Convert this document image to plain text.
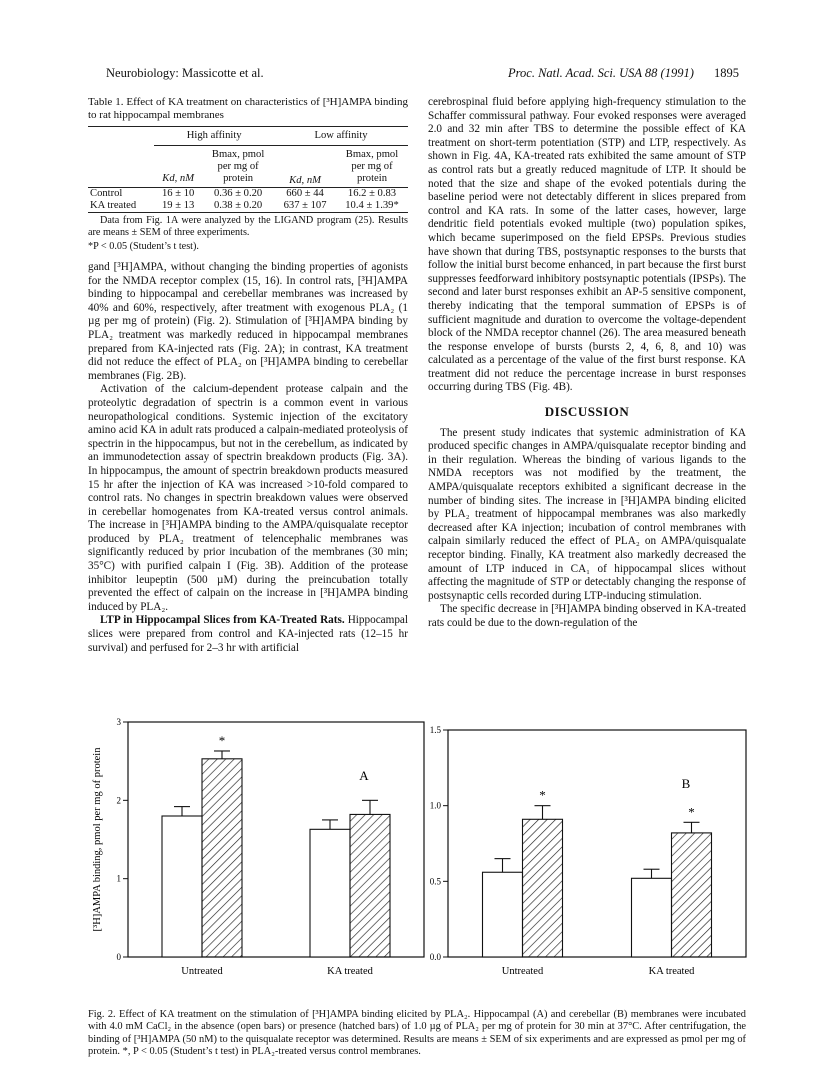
Neurobiology: Massicotte et al.	Proc. Natl. Acad. Sci. USA 88 (1991) 1895

Table 1. Effect of KA treatment on characteristics of [³H]AMPA binding to rat hippocampal membranes

	High affinity		Low affinity	
	Kd, nM	Bmax, pmol per mg of protein	Kd, nM	Bmax, pmol per mg of protein
Control	16 ± 10	0.36 ± 0.20	660 ± 44	16.2 ± 0.83
KA treated	19 ± 13	0.38 ± 0.20	637 ± 107	10.4 ± 1.39*

Data from Fig. 1A were analyzed by the LIGAND program (25). Results are means ± SEM of three experiments.

*P < 0.05 (Student’s t test).

gand [³H]AMPA, without changing the binding properties of agonists for the NMDA receptor complex (15, 16). In control rats, [³H]AMPA binding to hippocampal and cerebellar membranes was increased by 40% and 60%, respectively, after treatment with exogenous PLA₂ (1 µg per mg of protein) (Fig. 2). Stimulation of [³H]AMPA binding by PLA₂ treatment was markedly reduced in hippocampal membranes prepared from KA-injected rats (Fig. 2A); in contrast, KA treatment did not reduce the effect of PLA₂ on [³H]AMPA binding to cerebellar membranes (Fig. 2B).

Activation of the calcium-dependent protease calpain and the proteolytic degradation of spectrin is a common event in various neuropathological conditions. Systemic injection of the excitatory amino acid KA in adult rats produced a calpain-mediated proteolysis of spectrin in the hippocampus, but not in the cerebellum, as indicated by an immunodetection assay of spectrin breakdown products (Fig. 3A). In hippocampus, the amount of spectrin breakdown products measured 15 hr after the injection of KA was increased >10-fold compared to control rats. No changes in spectrin breakdown values were observed in cerebellar homogenates from KA-treated versus control animals. The increase in [³H]AMPA binding to the AMPA/quisqualate receptor produced by PLA₂ treatment of telencephalic membranes was significantly reduced by prior incubation of the membranes (30 min; 35°C) with purified calpain I (Fig. 3B). Addition of the protease inhibitor leupeptin (500 µM) during the preincubation totally prevented the effect of calpain on the increase in [³H]AMPA binding induced by PLA₂.

LTP in Hippocampal Slices from KA-Treated Rats. Hippocampal slices were prepared from control and KA-injected rats (12–15 hr survival) and perfused for 2–3 hr with artificial

cerebrospinal fluid before applying high-frequency stimulation to the Schaffer commissural pathway. Four evoked responses were averaged 2.0 and 32 min after TBS to determine the possible effect of KA treatment on short-term potentiation (STP) and LTP, respectively. As shown in Fig. 4A, KA-treated rats exhibited the same amount of STP as control rats but a greatly reduced magnitude of LTP. It should be noted that the size and shape of the evoked potentials during the baseline period were not detectably different in slices prepared from control and KA rats. In some of the latter cases, however, large dendritic field potentials evoked multiple (two) population spikes, which became superimposed on the field EPSPs. Previous studies have shown that during TBS, postsynaptic responses to the bursts that follow the initial burst become enhanced, in part because the first burst suppresses feedforward inhibitory postsynaptic potentials (IPSPs). The second and later burst responses exhibit an AP-5 sensitive component, thereby indicating that the temporal summation of EPSPs is of sufficient magnitude and duration to overcome the voltage-dependent block of the NMDA receptor channel (26). The area measured beneath the response envelope of bursts (bursts 2, 4, 6, 8, and 10) was calculated as a percentage of the value of the first burst response. KA treatment did not reduce the percentage increase in burst responses occurring during TBS (Fig. 4B).

DISCUSSION

The present study indicates that systemic administration of KA produced specific changes in AMPA/quisqualate receptor binding and in their regulation. Whereas the binding of various ligands to the NMDA receptors was not modified by the treatment, the AMPA/quisqualate receptors exhibited a significant decrease in the number of binding sites. The increase in [³H]AMPA binding elicited by PLA₂ treatment of hippocampal membranes was also markedly decreased after KA injection; incubation of control membranes with calpain similarly reduced the effect of PLA₂ on AMPA/quisqualate receptor binding. Finally, KA treatment also markedly decreased the amount of LTP induced in CA₁ of hippocampal slices without affecting the magnitude of STP or detectably changing the response of postsynaptic cells recorded during LTP-inducing stimulation.

The specific decrease in [³H]AMPA binding observed in KA-treated rats could be due to the down-regulation of the

0
1
2
3
*
Untreated	KA treated
A
[³H]AMPA binding, pmol per mg of protein
0.0
0.5
1.0
1.5
*
Untreated
*
KA treated
B
Fig. 2. Effect of KA treatment on the stimulation of [³H]AMPA binding elicited by PLA₂. Hippocampal (A) and cerebellar (B) membranes were incubated with 4.0 mM CaCl₂ in the absence (open bars) or presence (hatched bars) of 1.0 µg of PLA₂ per mg of protein for 30 min at 37°C. After centrifugation, the binding of [³H]AMPA (50 nM) to the quisqualate receptor was determined. Results are means ± SEM of six experiments and are expressed as pmol per mg of protein. *, P < 0.05 (Student’s t test) in PLA₂-treated versus control membranes.
